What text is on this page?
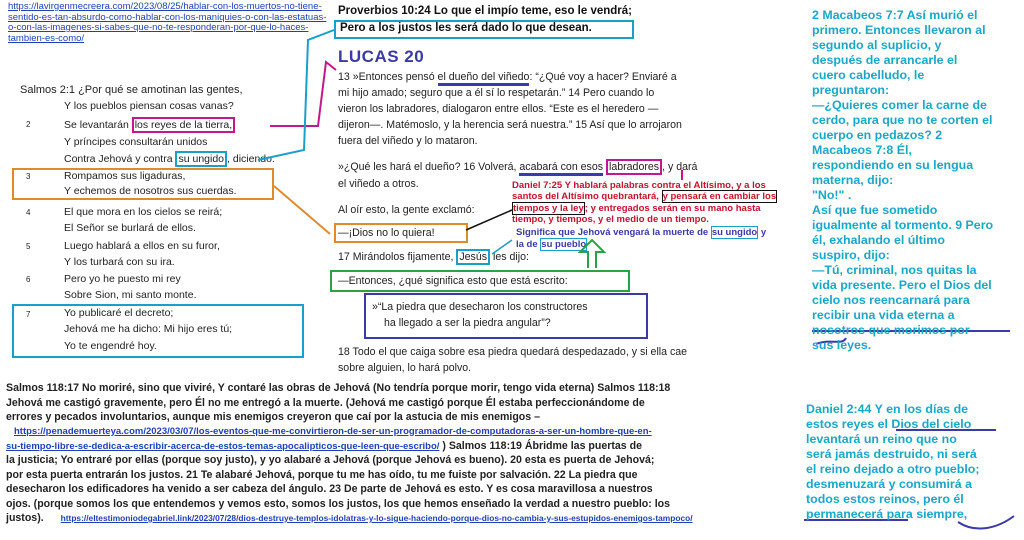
https://lavirgenmecreera.com/2023/08/25/hablar-con-los-muertos-no-tiene-sentido-es-tan-absurdo-como-hablar-con-los-maniquies-o-con-las-estatuas-o-con-las-imagenes-si-sabes-que-no-te-responderan-por-que-lo-haces-tambien-es-como/
Salmos 2:1 ¿Por qué se amotinan las gentes,
Y los pueblos piensan cosas vanas?
2	Se levantarán los reyes de la tierra,
Y príncipes consultarán unidos
Contra Jehová y contra su ungido , diciendo:
3	Rompamos sus ligaduras,
Y echemos de nosotros sus cuerdas.
4	El que mora en los cielos se reirá;
El Señor se burlará de ellos.
5	Luego hablará a ellos en su furor,
Y los turbará con su ira.
6	Pero yo he puesto mi rey
Sobre Sion, mi santo monte.
7	Yo publicaré el decreto;
Jehová me ha dicho: Mi hijo eres tú;
Yo te engendré hoy.
Proverbios 10:24 Lo que el impío teme, eso le vendrá;
Pero a los justos les será dado lo que desean.
LUCAS 20
13 »Entonces pensó el dueño del viñedo: “¿Qué voy a hacer? Enviaré a
mi hijo amado; seguro que a él sí lo respetarán.” 14 Pero cuando lo
vieron los labradores, dialogaron entre ellos. “Este es el heredero —
dijeron—. Matémoslo, y la herencia será nuestra.” 15 Así que lo arrojaron
fuera del viñedo y lo mataron.
»¿Qué les hará el dueño? 16 Volverá, acabará con esos labradores , y dará
el viñedo a otros.
Al oír esto, la gente exclamó:
—¡Dios no lo quiera!
17 Mirándolos fijamente, Jesús les dijo:
—Entonces, ¿qué significa esto que está escrito:
»“La piedra que desecharon los constructores
ha llegado a ser la piedra angular”?
18 Todo el que caiga sobre esa piedra quedará despedazado, y si ella cae
sobre alguien, lo hará polvo.
Daniel 7:25 Y hablará palabras contra el Altísimo, y a los
santos del Altísimo quebrantará, y pensará en cambiar los
tiempos y la ley; y entregados serán en su mano hasta
tiempo, y tiempos, y el medio de un tiempo.
Significa que Jehová vengará la muerte de su ungido y
la de su pueblo
Salmos 118:17 No moriré, sino que viviré, Y contaré las obras de Jehová (No tendría porque morir, tengo vida eterna) Salmos 118:18
Jehová me castigó gravemente, pero Él no me entregó a la muerte. (Jehová me castigó porque Él estaba perfeccionándome de
errores y pecados involuntarios, aunque mis enemigos creyeron que caí por la astucia de mis enemigos –
https://penademuerteya.com/2023/03/07/los-eventos-que-me-convirtieron-de-ser-un-programador-de-computadoras-a-ser-un-hombre-que-en-
su-tiempo-libre-se-dedica-a-escribir-acerca-de-estos-temas-apocalipticos-que-leen-que-escribo/ ) Salmos 118:19 Ábridme las puertas de
la justicia; Yo entraré por ellas (porque soy justo), y yo alabaré a Jehová (porque Jehová es bueno). 20 esta es puerta de Jehová;
por esta puerta entrarán los justos. 21 Te alabaré Jehová, porque tu me has oído, tu me fuiste por salvación. 22 La piedra que
desecharon los edificadores ha venido a ser cabeza del ángulo. 23 De parte de Jehová es esto. Y es cosa maravillosa a nuestros
ojos. (porque somos los que entendemos y vemos esto, somos los justos, los que hemos enseñado la verdad a nuestro pueblo: los
justos). https://eltestimoniodegabriel.link/2023/07/28/dios-destruye-templos-idolatras-y-lo-sigue-haciendo-porque-dios-no-cambia-y-sus-estupidos-enemigos-tampoco/
2 Macabeos 7:7 Así murió el
primero. Entonces llevaron al
segundo al suplicio, y
después de arrancarle el
cuero cabelludo, le
preguntaron:
—¿Quieres comer la carne de
cerdo, para que no te corten el
cuerpo en pedazos? 2
Macabeos 7:8 Él,
respondiendo en su lengua
materna, dijo:
"No!" .
Así que fue sometido
igualmente al tormento. 9 Pero
él, exhalando el último
suspiro, dijo:
—Tú, criminal, nos quitas la
vida presente. Pero el Dios del
cielo nos reencarnará para
recibir una vida eterna a
nosotros que morimos por
sus leyes.
Daniel 2:44 Y en los días de
estos reyes el Dios del cielo
levantará un reino que no
será jamás destruido, ni será
el reino dejado a otro pueblo;
desmenuzará y consumirá a
todos estos reinos, pero él
permanecerá para siempre,
